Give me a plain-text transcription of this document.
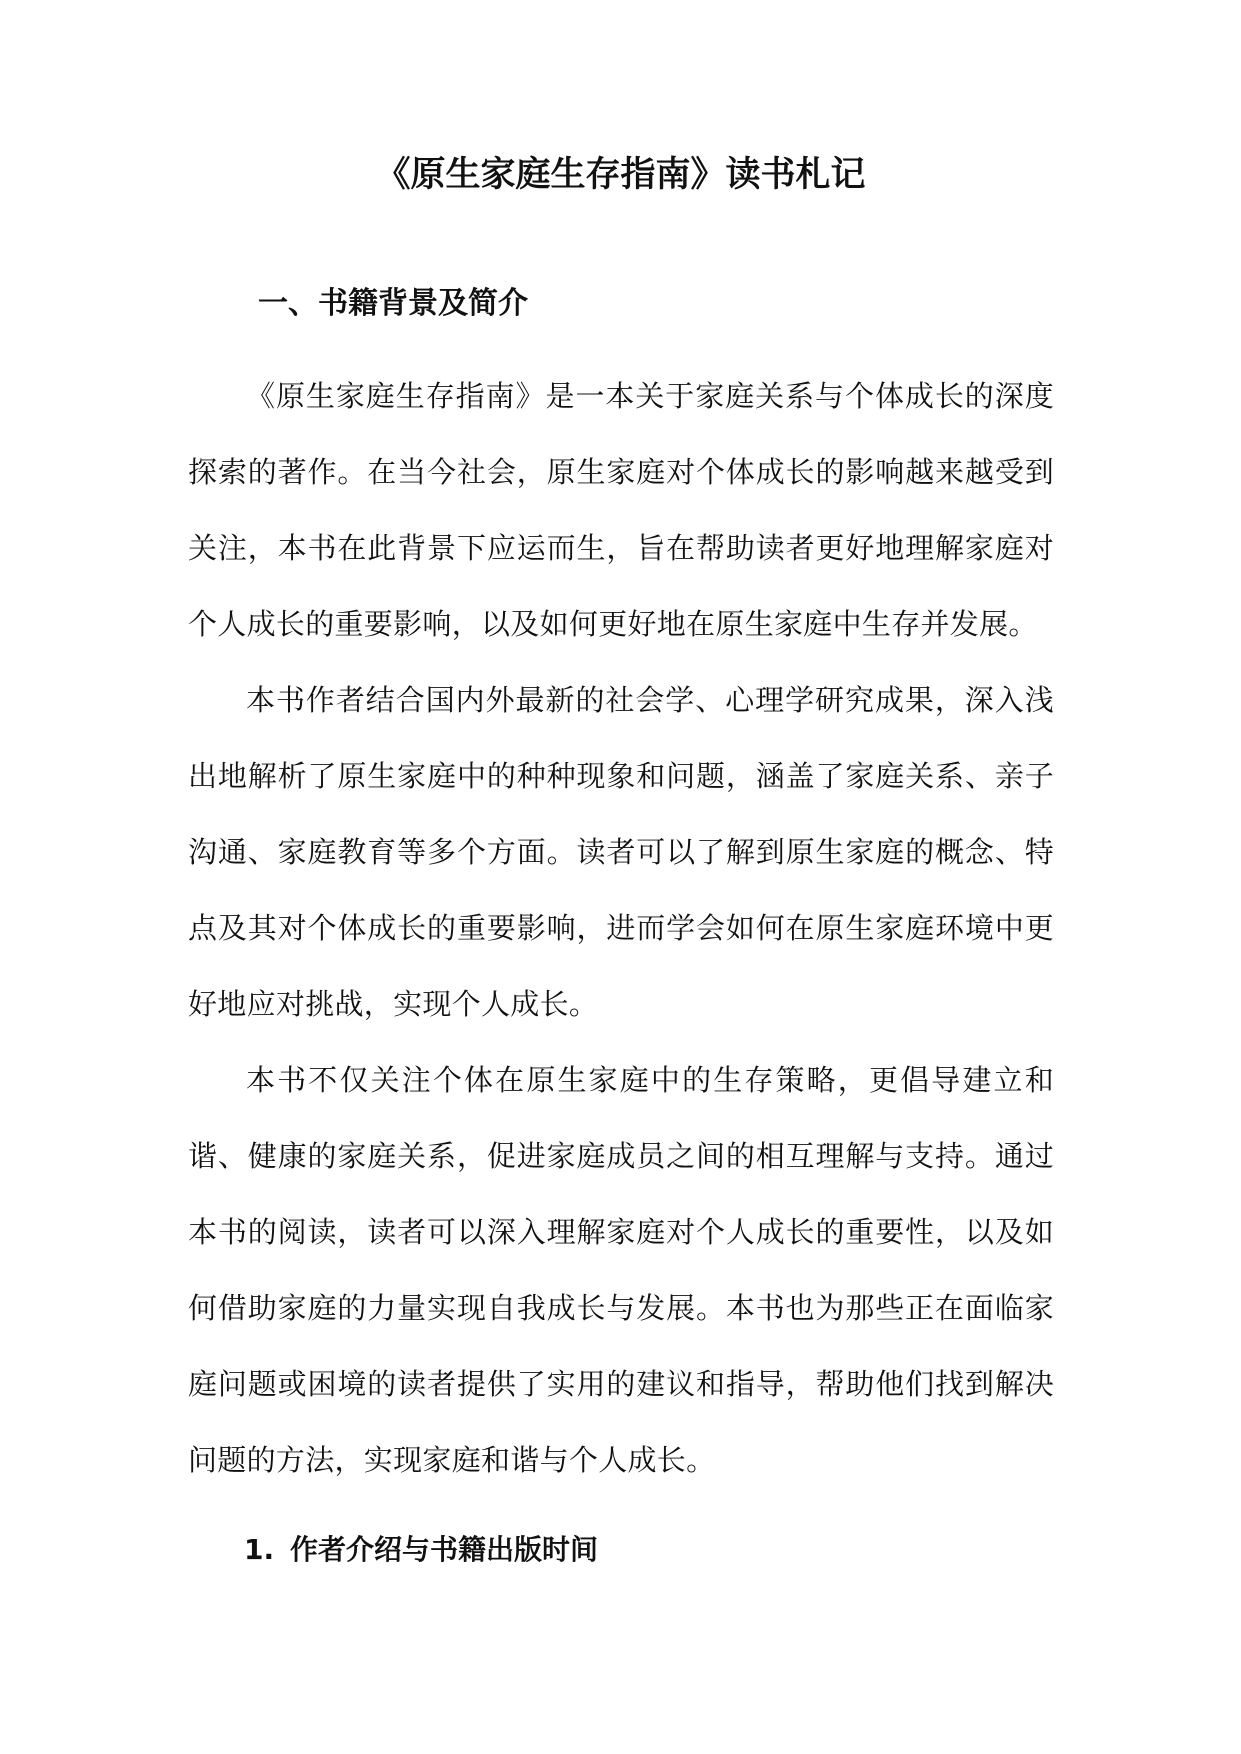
《原生家庭生存指南》读书札记
一、书籍背景及简介

《原生家庭生存指南》是一本关于家庭关系与个体成长的深度探索的著作。在当今社会，原生家庭对个体成长的影响越来越受到关注，本书在此背景下应运而生，旨在帮助读者更好地理解家庭对个人成长的重要影响，以及如何更好地在原生家庭中生存并发展。

本书作者结合国内外最新的社会学、心理学研究成果，深入浅出地解析了原生家庭中的种种现象和问题，涵盖了家庭关系、亲子沟通、家庭教育等多个方面。读者可以了解到原生家庭的概念、特点及其对个体成长的重要影响，进而学会如何在原生家庭环境中更好地应对挑战，实现个人成长。

本书不仅关注个体在原生家庭中的生存策略，更倡导建立和谐、健康的家庭关系，促进家庭成员之间的相互理解与支持。通过本书的阅读，读者可以深入理解家庭对个人成长的重要性，以及如何借助家庭的力量实现自我成长与发展。本书也为那些正在面临家庭问题或困境的读者提供了实用的建议和指导，帮助他们找到解决问题的方法，实现家庭和谐与个人成长。

1. 作者介绍与书籍出版时间
